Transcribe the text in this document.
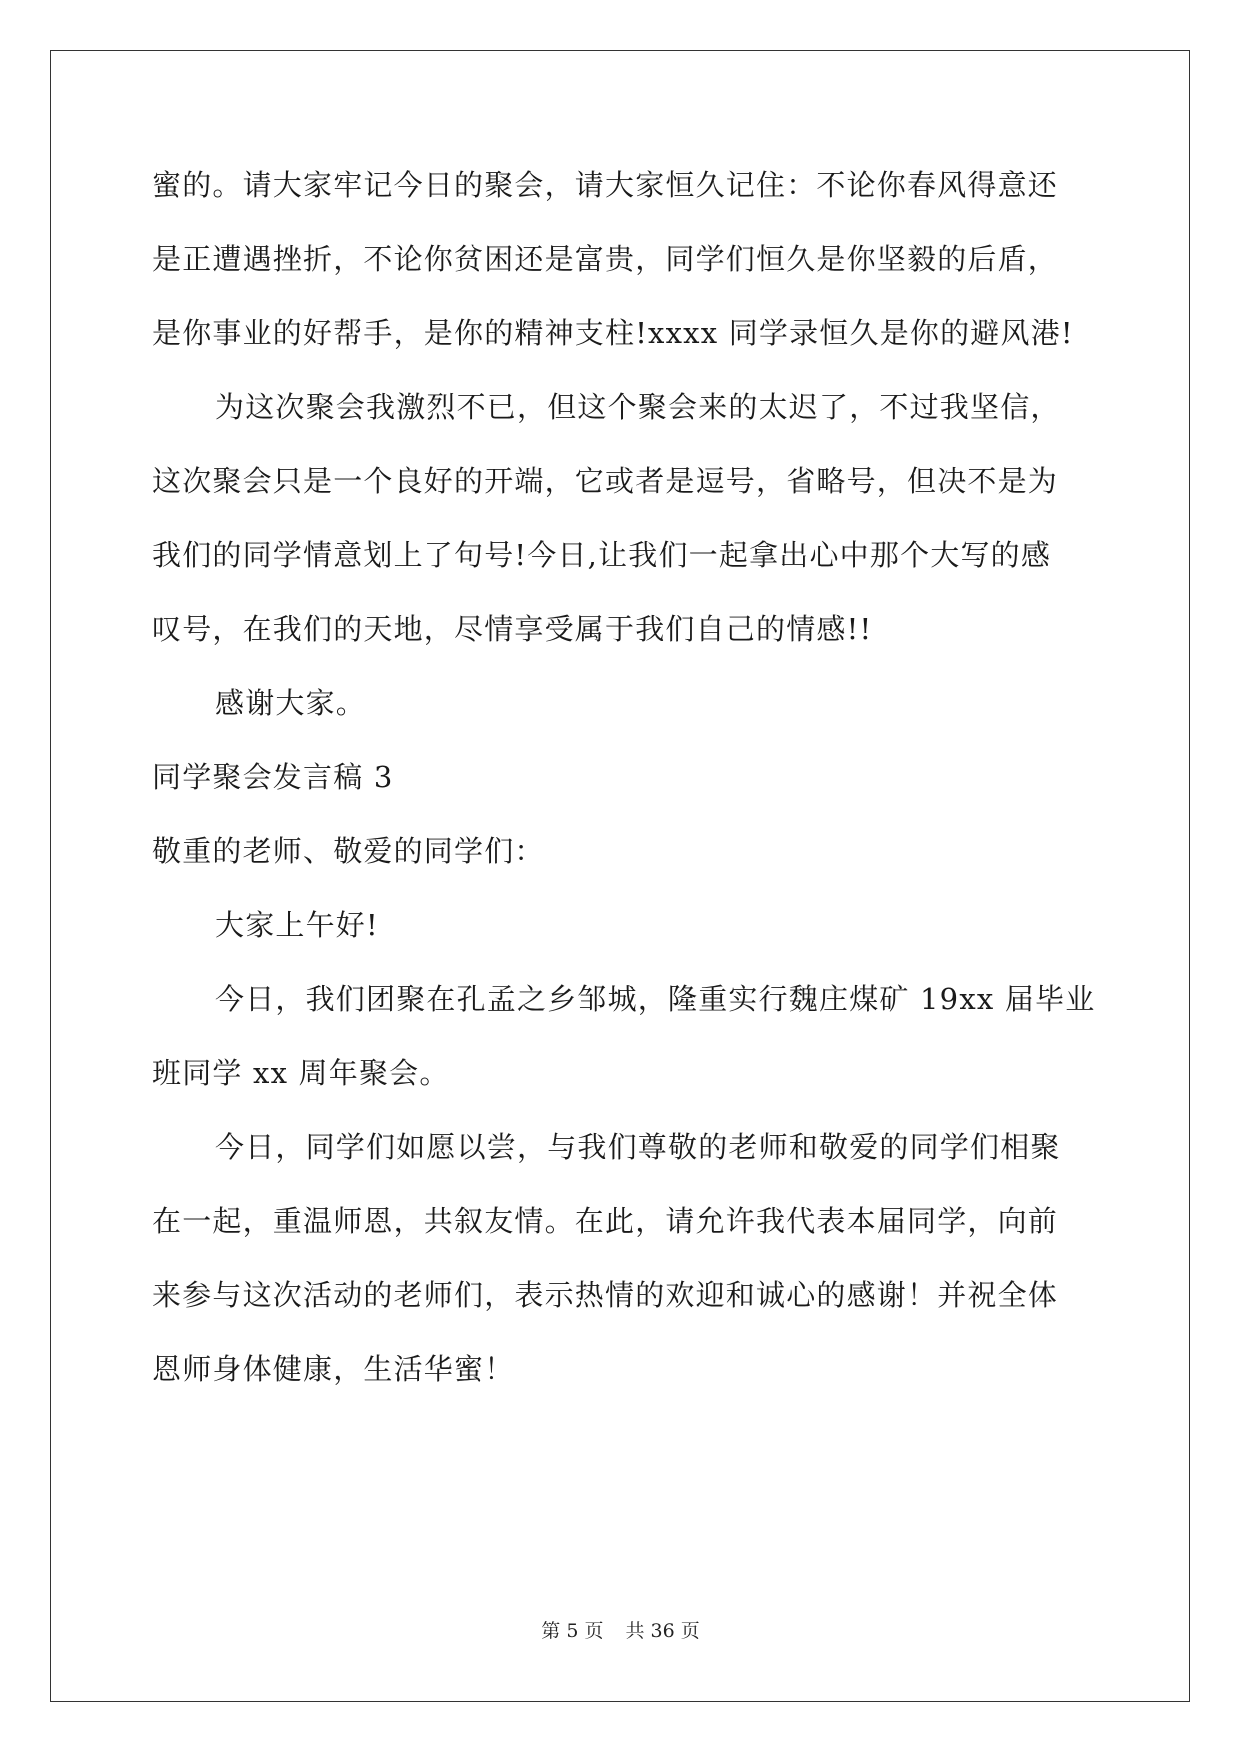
蜜的。请大家牢记今日的聚会，请大家恒久记住：不论你春风得意还
是正遭遇挫折，不论你贫困还是富贵，同学们恒久是你坚毅的后盾，
是你事业的好帮手，是你的精神支柱!xxxx 同学录恒久是你的避风港!
为这次聚会我激烈不已，但这个聚会来的太迟了，不过我坚信，
这次聚会只是一个良好的开端，它或者是逗号，省略号，但决不是为
我们的同学情意划上了句号!今日,让我们一起拿出心中那个大写的感
叹号，在我们的天地，尽情享受属于我们自己的情感!!
感谢大家。
同学聚会发言稿 3
敬重的老师、敬爱的同学们：
大家上午好!
今日，我们团聚在孔孟之乡邹城，隆重实行魏庄煤矿 19xx 届毕业
班同学 xx 周年聚会。
今日，同学们如愿以尝，与我们尊敬的老师和敬爱的同学们相聚
在一起，重温师恩，共叙友情。在此，请允许我代表本届同学，向前
来参与这次活动的老师们，表示热情的欢迎和诚心的感谢！并祝全体
恩师身体健康，生活华蜜！
第 5 页 共 36 页
